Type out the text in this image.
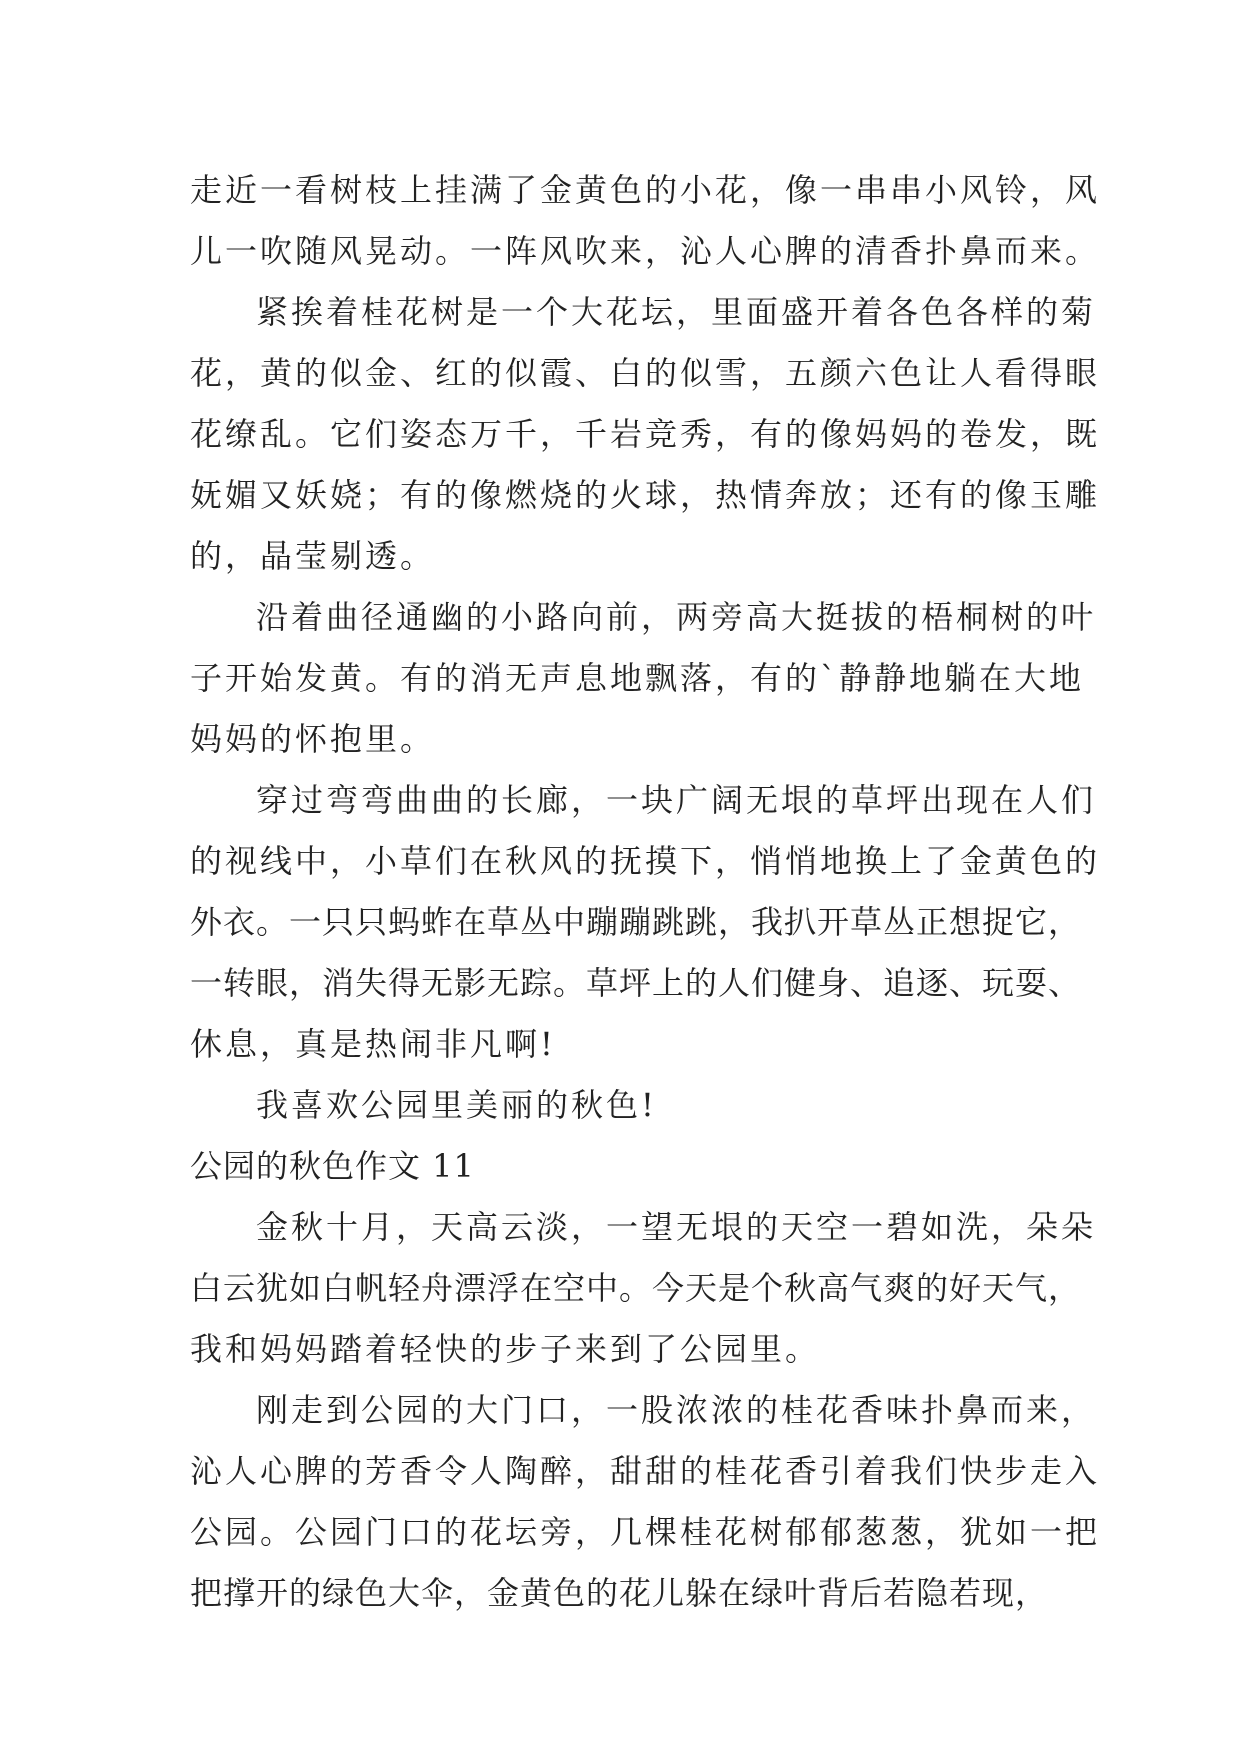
走近一看树枝上挂满了金黄色的小花，像一串串小风铃，风
儿一吹随风晃动。一阵风吹来，沁人心脾的清香扑鼻而来。
紧挨着桂花树是一个大花坛，里面盛开着各色各样的菊
花，黄的似金、红的似霞、白的似雪，五颜六色让人看得眼
花缭乱。它们姿态万千，千岩竞秀，有的像妈妈的卷发，既
妩媚又妖娆；有的像燃烧的火球，热情奔放；还有的像玉雕
的，晶莹剔透。
沿着曲径通幽的小路向前，两旁高大挺拔的梧桐树的叶
子开始发黄。有的消无声息地飘落，有的`静静地躺在大地
妈妈的怀抱里。
穿过弯弯曲曲的长廊，一块广阔无垠的草坪出现在人们
的视线中，小草们在秋风的抚摸下，悄悄地换上了金黄色的
外衣。一只只蚂蚱在草丛中蹦蹦跳跳，我扒开草丛正想捉它，
一转眼，消失得无影无踪。草坪上的人们健身、追逐、玩耍、
休息，真是热闹非凡啊!
我喜欢公园里美丽的秋色!
公园的秋色作文 11
金秋十月，天高云淡，一望无垠的天空一碧如洗，朵朵
白云犹如白帆轻舟漂浮在空中。今天是个秋高气爽的好天气，
我和妈妈踏着轻快的步子来到了公园里。
刚走到公园的大门口，一股浓浓的桂花香味扑鼻而来，
沁人心脾的芳香令人陶醉，甜甜的桂花香引着我们快步走入
公园。公园门口的花坛旁，几棵桂花树郁郁葱葱，犹如一把
把撑开的绿色大伞，金黄色的花儿躲在绿叶背后若隐若现，
